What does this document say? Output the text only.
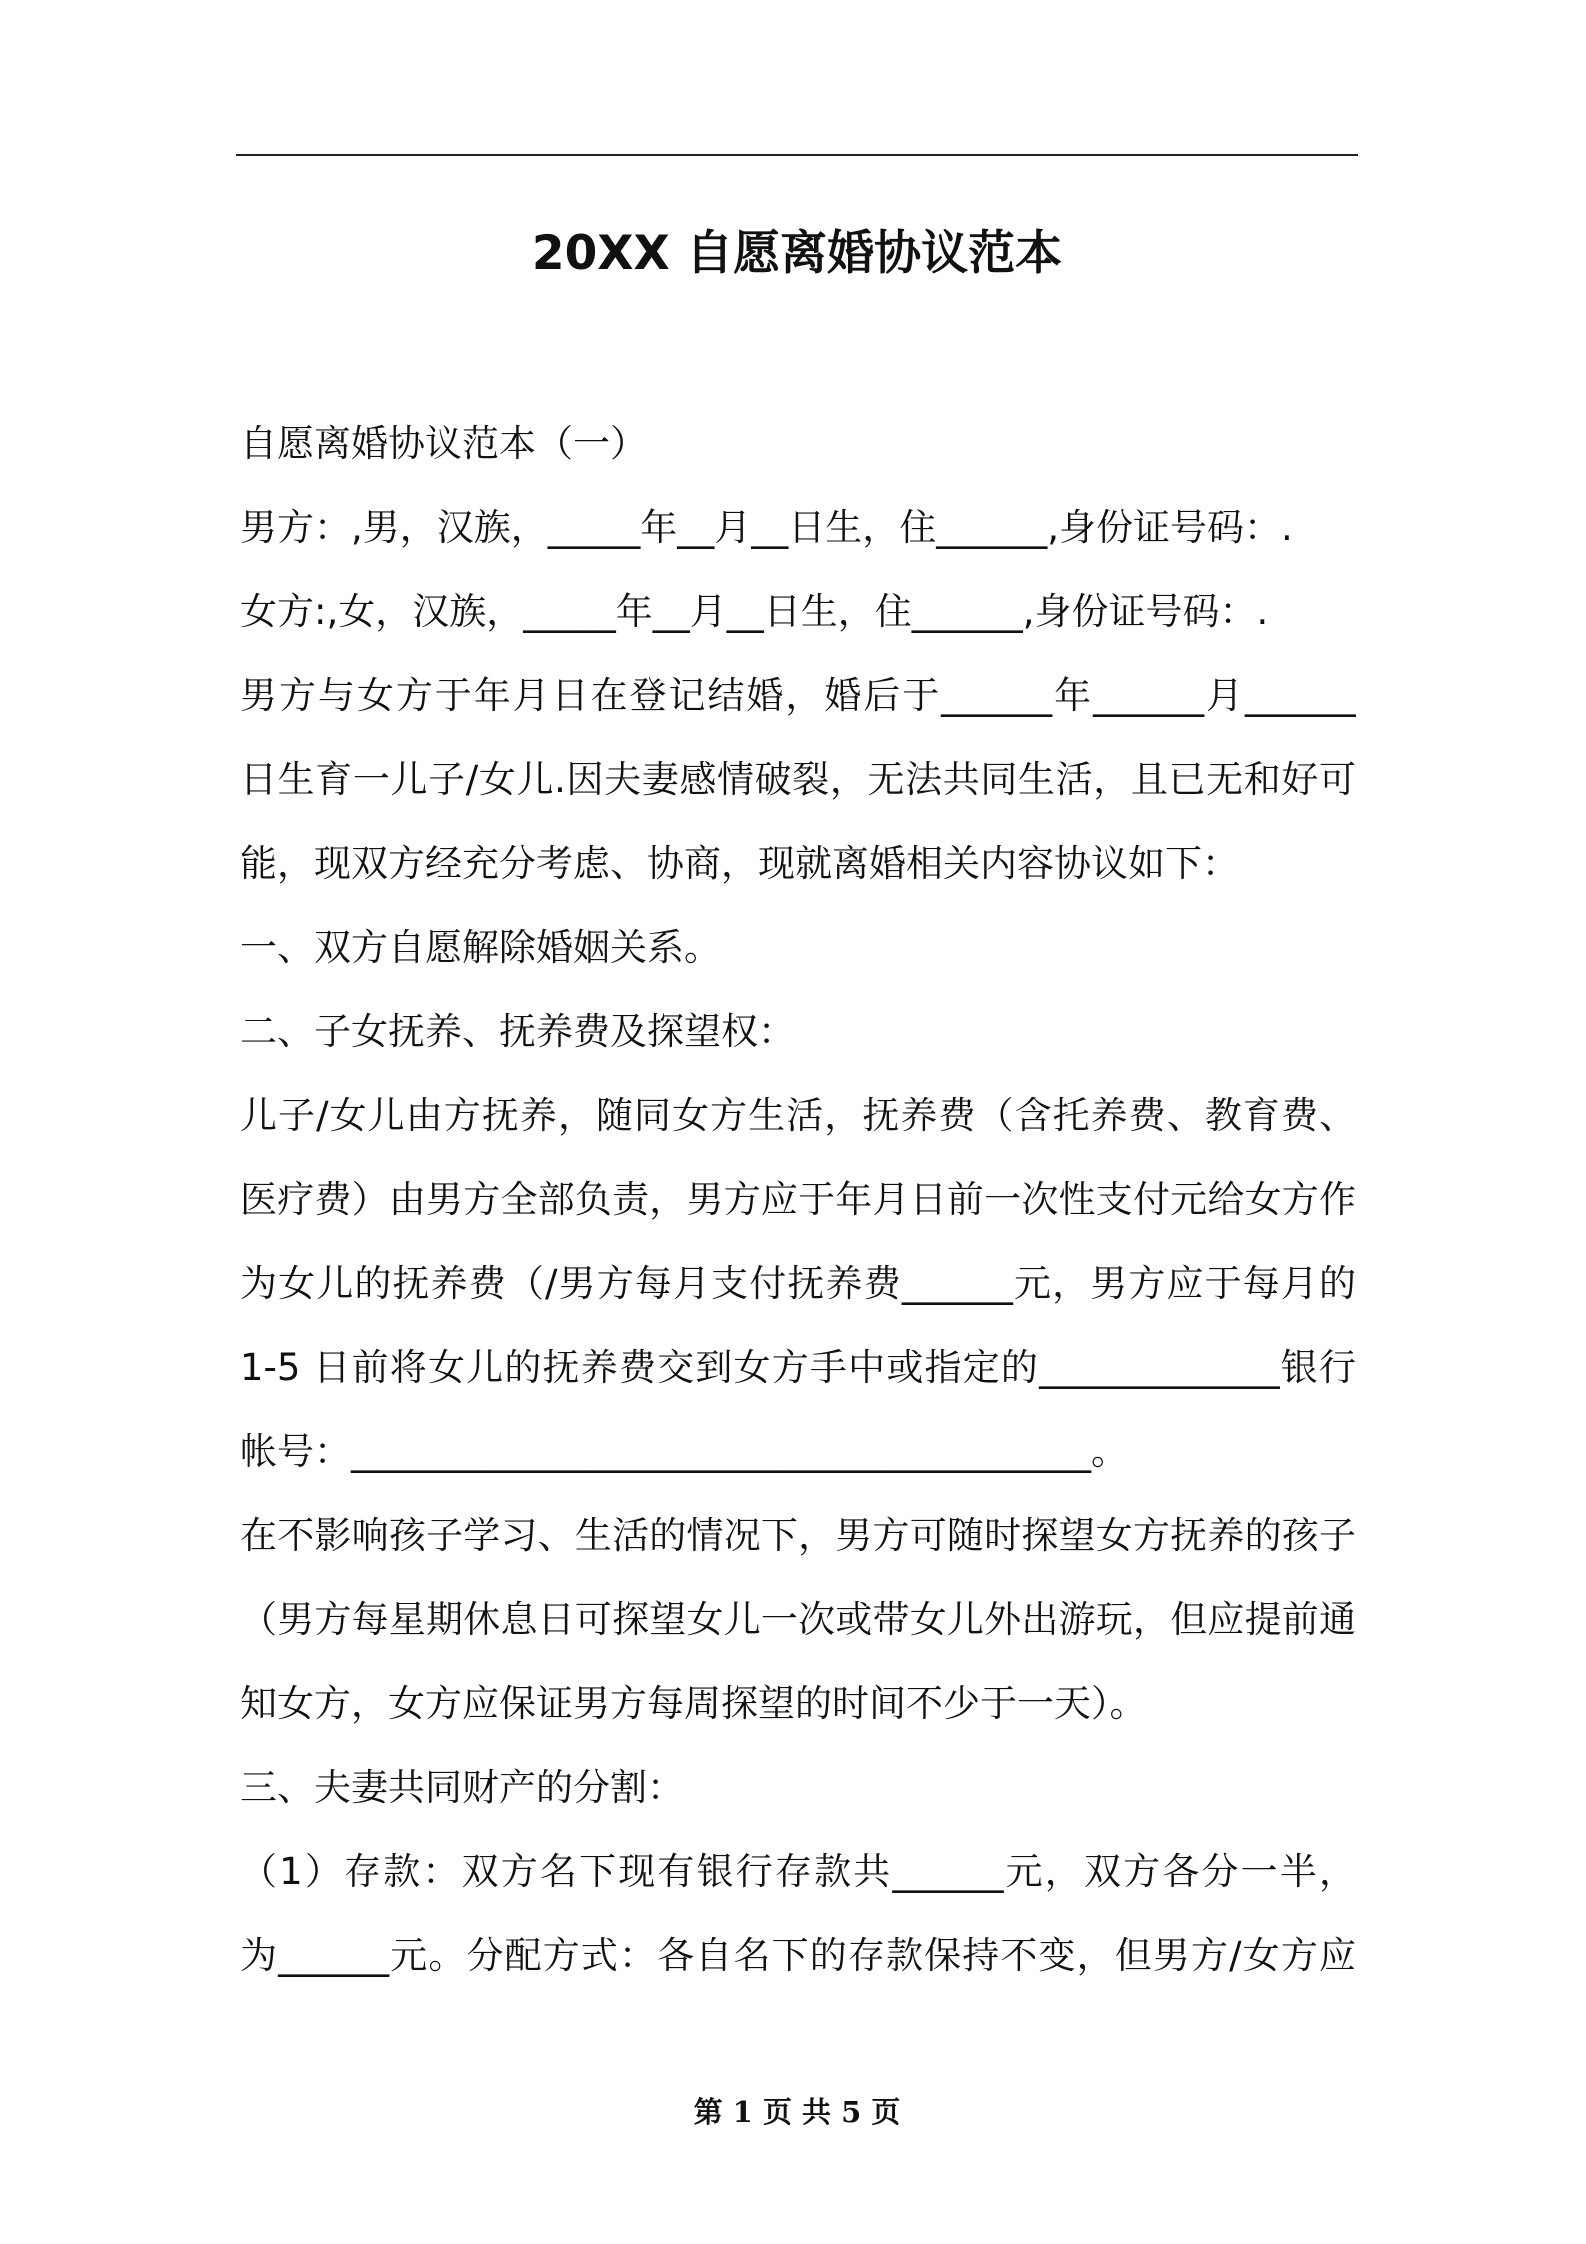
20XX 自愿离婚协议范本
自愿离婚协议范本（一）
男方：,男，汉族，_____年__月__日生，住______,身份证号码：.
女方:,女，汉族，_____年__月__日生，住______,身份证号码：.
男方与女方于年月日在登记结婚，婚后于______年______月______
日生育一儿子/女儿.因夫妻感情破裂，无法共同生活，且已无和好可
能，现双方经充分考虑、协商，现就离婚相关内容协议如下：
一、双方自愿解除婚姻关系。
二、子女抚养、抚养费及探望权：
儿子/女儿由方抚养，随同女方生活，抚养费（含托养费、教育费、
医疗费）由男方全部负责，男方应于年月日前一次性支付元给女方作
为女儿的抚养费（/男方每月支付抚养费______元，男方应于每月的
1-5 日前将女儿的抚养费交到女方手中或指定的_____________银行
帐号：________________________________________。
在不影响孩子学习、生活的情况下，男方可随时探望女方抚养的孩子
（男方每星期休息日可探望女儿一次或带女儿外出游玩，但应提前通
知女方，女方应保证男方每周探望的时间不少于一天）。
三、夫妻共同财产的分割：
（1）存款：双方名下现有银行存款共______元，双方各分一半，
为______元。分配方式：各自名下的存款保持不变，但男方/女方应
第 1 页 共 5 页
